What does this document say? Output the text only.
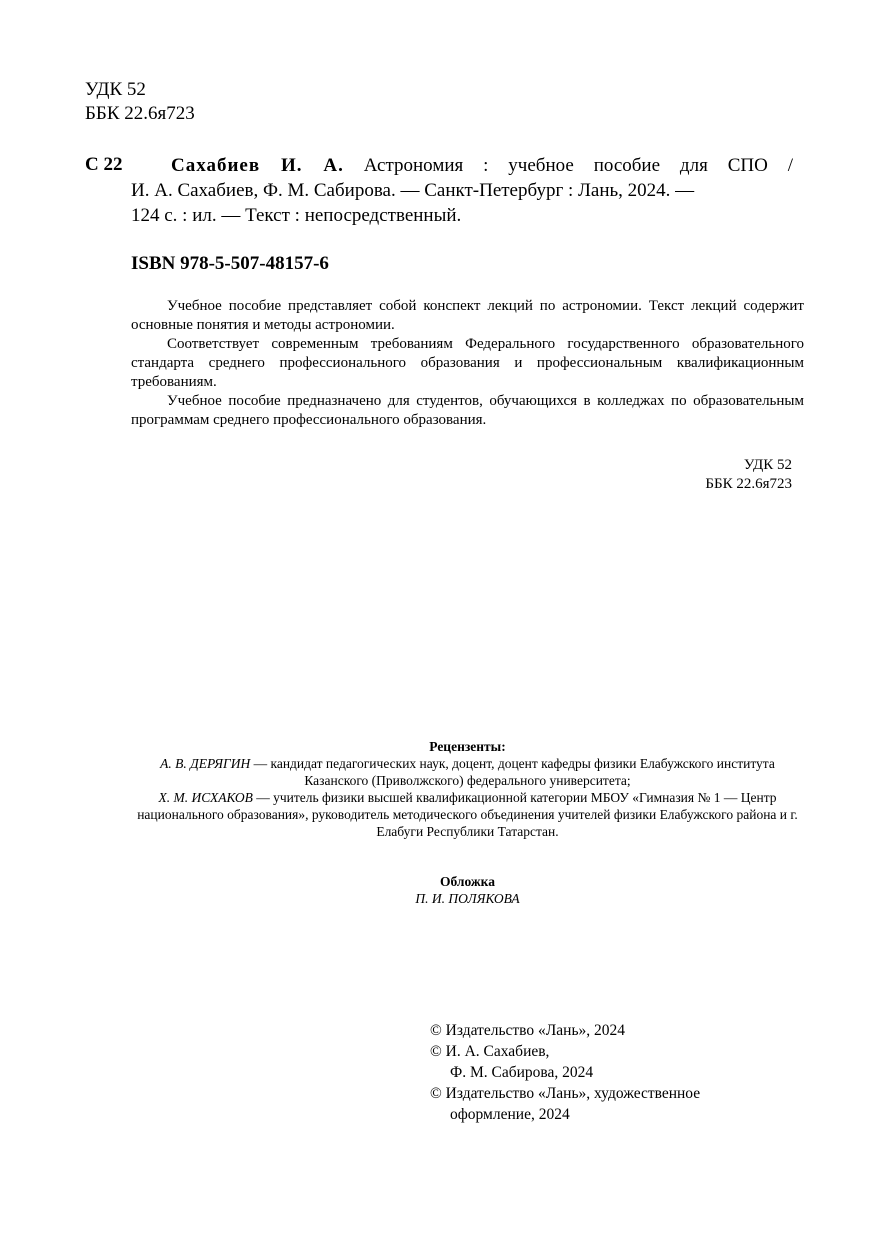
УДК 52
ББК 22.6я723
С 22	Сахабиев И. А. Астрономия : учебное пособие для СПО /
И. А. Сахабиев, Ф. М. Сабирова. — Санкт-Петербург : Лань, 2024. —
124 с. : ил. — Текст : непосредственный.
ISBN 978-5-507-48157-6

Учебное пособие представляет собой конспект лекций по астрономии. Текст лекций содержит основные понятия и методы астрономии.

Соответствует современным требованиям Федерального государственного образовательного стандарта среднего профессионального образования и профессиональным квалификационным требованиям.

Учебное пособие предназначено для студентов, обучающихся в колледжах по образовательным программам среднего профессионального образования.

УДК 52
ББК 22.6я723
Рецензенты:
А. В. ДЕРЯГИН — кандидат педагогических наук, доцент, доцент кафедры физики Елабужского института Казанского (Приволжского) федерального университета;
Х. М. ИСХАКОВ — учитель физики высшей квалификационной категории МБОУ «Гимназия № 1 — Центр национального образования», руководитель методического объединения учителей физики Елабужского района и г. Елабуги Республики Татарстан.
Обложка
П. И. ПОЛЯКОВА
© Издательство «Лань», 2024
© И. А. Сахабиев,
Ф. М. Сабирова, 2024
© Издательство «Лань», художественное
оформление, 2024
